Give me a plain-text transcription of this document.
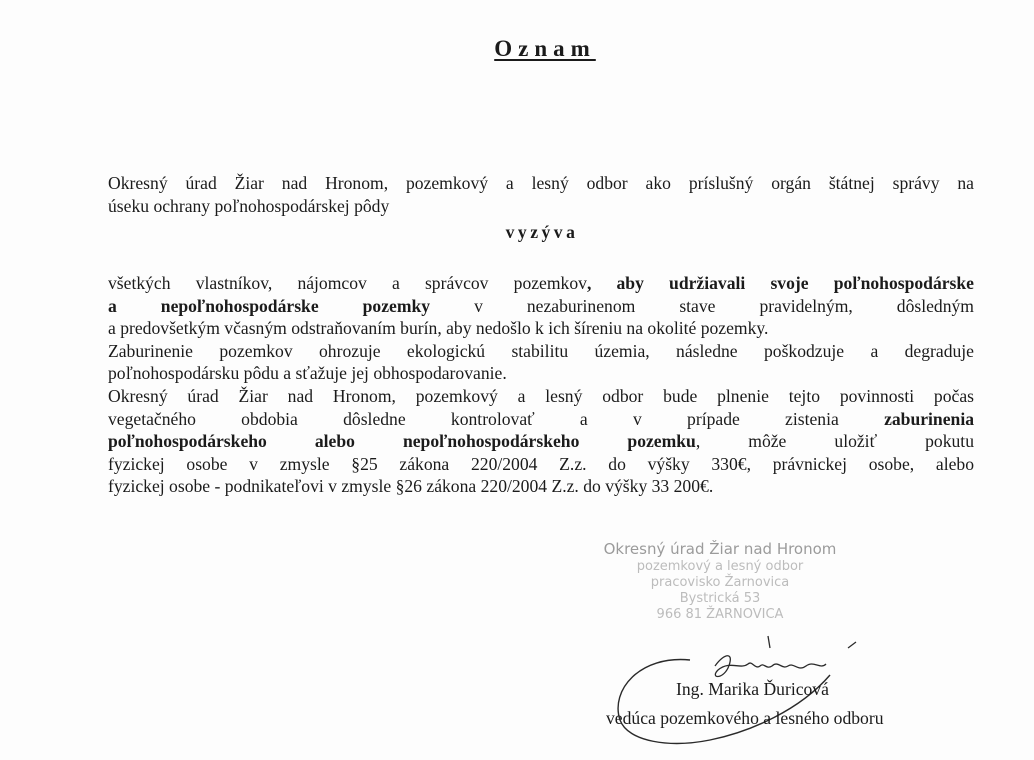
Oznam
Okresný úrad Žiar nad Hronom, pozemkový a lesný odbor ako príslušný orgán štátnej správy na
úseku ochrany poľnohospodárskej pôdy
vyzýva
všetkých vlastníkov, nájomcov a správcov pozemkov, aby udržiavali svoje poľnohospodárske
a nepoľnohospodárske pozemky v nezaburinenom stave pravidelným, dôsledným
a predovšetkým včasným odstraňovaním burín, aby nedošlo k ich šíreniu na okolité pozemky.
Zaburinenie pozemkov ohrozuje ekologickú stabilitu územia, následne poškodzuje a degraduje
poľnohospodársku pôdu a sťažuje jej obhospodarovanie.
Okresný úrad Žiar nad Hronom, pozemkový a lesný odbor bude plnenie tejto povinnosti počas
vegetačného obdobia dôsledne kontrolovať a v prípade zistenia zaburinenia
poľnohospodárskeho alebo nepoľnohospodárskeho pozemku, môže uložiť pokutu
fyzickej osobe v zmysle §25 zákona 220/2004 Z.z. do výšky 330€, právnickej osobe, alebo
fyzickej osobe - podnikateľovi v zmysle §26 zákona 220/2004 Z.z. do výšky 33 200€.
Okresný úrad Žiar nad Hronom
pozemkový a lesný odbor
pracovisko Žarnovica
Bystrická 53
966 81 ŽARNOVICA
Ing. Marika Ďuricová
vedúca pozemkového a lesného odboru
